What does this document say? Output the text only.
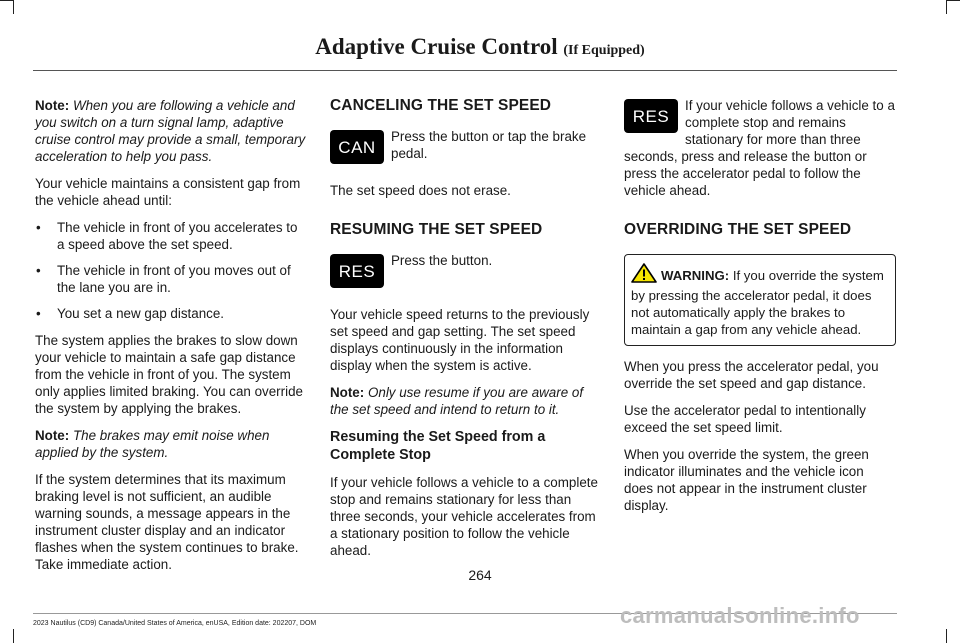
Adaptive Cruise Control (If Equipped)

Note: When you are following a vehicle and you switch on a turn signal lamp, adaptive cruise control may provide a small, temporary acceleration to help you pass.

Your vehicle maintains a consistent gap from the vehicle ahead until:

• The vehicle in front of you accelerates to a speed above the set speed.
• The vehicle in front of you moves out of the lane you are in.
• You set a new gap distance.

The system applies the brakes to slow down your vehicle to maintain a safe gap distance from the vehicle in front of you. The system only applies limited braking. You can override the system by applying the brakes.

Note: The brakes may emit noise when applied by the system.

If the system determines that its maximum braking level is not sufficient, an audible warning sounds, a message appears in the instrument cluster display and an indicator flashes when the system continues to brake. Take immediate action.

CANCELING THE SET SPEED
CAN
Press the button or tap the brake pedal.

The set speed does not erase.

RESUMING THE SET SPEED
RES
Press the button.

Your vehicle speed returns to the previously set speed and gap setting. The set speed displays continuously in the information display when the system is active.

Note: Only use resume if you are aware of the set speed and intend to return to it.

Resuming the Set Speed from a Complete Stop

If your vehicle follows a vehicle to a complete stop and remains stationary for less than three seconds, your vehicle accelerates from a stationary position to follow the vehicle ahead.

RES
If your vehicle follows a vehicle to a complete stop and remains stationary for more than three seconds, press and release the button or press the accelerator pedal to follow the vehicle ahead.
OVERRIDING THE SET SPEED
WARNING: If you override the system by pressing the accelerator pedal, it does not automatically apply the brakes to maintain a gap from any vehicle ahead.

When you press the accelerator pedal, you override the set speed and gap distance.

Use the accelerator pedal to intentionally exceed the set speed limit.

When you override the system, the green indicator illuminates and the vehicle icon does not appear in the instrument cluster display.

264
2023 Nautilus (CD9) Canada/United States of America, enUSA, Edition date: 202207, DOM	carmanualsonline.info
